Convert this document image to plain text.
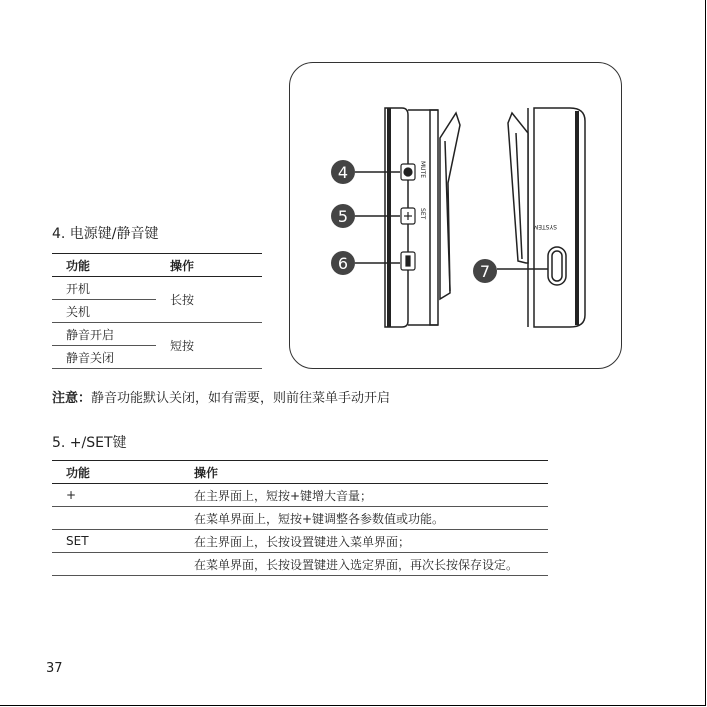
MUTE
SET
SYSTEM
4
5
6	7
4. 电源键/静音键
功能	操作
开机	长按
关机	
静音开启	短按
静音关闭	
注意：静音功能默认关闭，如有需要，则前往菜单手动开启
5. +/SET键
功能	操作
+	在主界面上，短按+键增大音量；
	在菜单界面上，短按+键调整各参数值或功能。
SET	在主界面上，长按设置键进入菜单界面；
	在菜单界面，长按设置键进入选定界面，再次长按保存设定。
37
